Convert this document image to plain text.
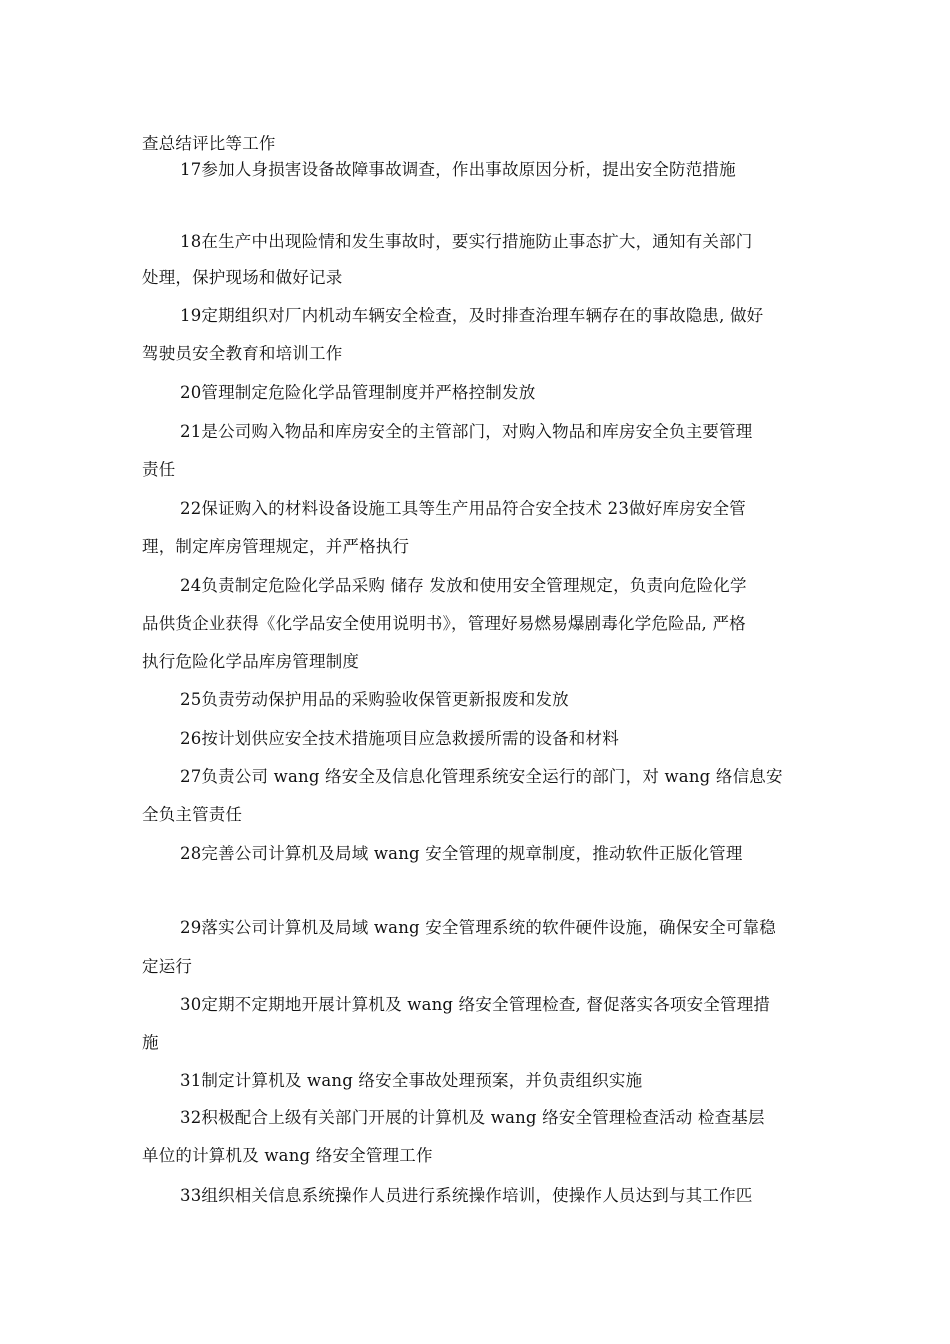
查总结评比等工作
17参加人身损害设备故障事故调查，作出事故原因分析，提出安全防范措施
18在生产中出现险情和发生事故时，要实行措施防止事态扩大，通知有关部门
处理，保护现场和做好记录
19定期组织对厂内机动车辆安全检查，及时排查治理车辆存在的事故隐患, 做好
驾驶员安全教育和培训工作
20管理制定危险化学品管理制度并严格控制发放
21是公司购入物品和库房安全的主管部门，对购入物品和库房安全负主要管理
责任
22保证购入的材料设备设施工具等生产用品符合安全技术 23做好库房安全管
理，制定库房管理规定，并严格执行
24负责制定危险化学品采购 储存 发放和使用安全管理规定，负责向危险化学
品供货企业获得《化学品安全使用说明书》，管理好易燃易爆剧毒化学危险品, 严格
执行危险化学品库房管理制度
25负责劳动保护用品的采购验收保管更新报废和发放
26按计划供应安全技术措施项目应急救援所需的设备和材料
27负责公司 wang 络安全及信息化管理系统安全运行的部门，对 wang 络信息安
全负主管责任
28完善公司计算机及局域 wang 安全管理的规章制度，推动软件正版化管理
29落实公司计算机及局域 wang 安全管理系统的软件硬件设施，确保安全可靠稳
定运行
30定期不定期地开展计算机及 wang 络安全管理检查, 督促落实各项安全管理措
施
31制定计算机及 wang 络安全事故处理预案，并负责组织实施
32积极配合上级有关部门开展的计算机及 wang 络安全管理检查活动 检查基层
单位的计算机及 wang 络安全管理工作
33组织相关信息系统操作人员进行系统操作培训，使操作人员达到与其工作匹
